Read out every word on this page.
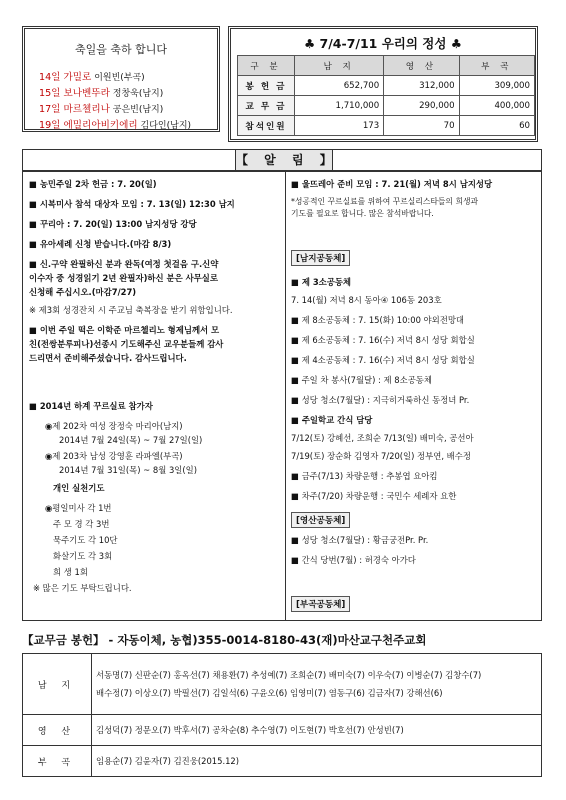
축일을 축하 합니다
14일 가밀로 이원빈(부곡)
15일 보나벤뚜라 정창욱(남지)
17일 마르첼리나 공은빈(남지)
19일 에밀리아비키에리 김다인(남지)
♣ 7/4-7/11 우리의 정성 ♣
구 분	남 지	영 산	부 곡
봉 헌 금	652,700	312,000	309,000
교 무 금	1,710,000	290,000	400,000
참석인원	173	70	60
【 알 림 】
■ 농민주일 2차 헌금 : 7. 20(일)
■ 시복미사 참석 대상자 모임 : 7. 13(일) 12:30 남지
■ 꾸리아 : 7. 20(일) 13:00 남지성당 강당
■ 유아세례 신청 받습니다.(마감 8/3)
■ 신.구약 완필하신 분과 완독(여정 첫걸음 구.신약
이수자 중 성경읽기 2년 완필자)하신 분은 사무실로
신청해 주십시오.(마감7/27)
※ 제3회 성경잔치 시 주교님 축복장을 받기 위함입니다.
■ 이번 주일 떡은 이학준 마르첼리노 형제님께서 모
친(전쌍분루피나)선종시 기도해주신 교우분들께 감사
드리면서 준비해주셨습니다. 감사드립니다.
■ 2014년 하계 꾸르실료 참가자
◉제 202차 여성 장정숙 마리아(남지)
2014년 7월 24일(목) ~ 7월 27일(일)
◉제 203차 남성 강영훈 라파엘(부곡)
2014년 7월 31일(목) ~ 8월 3일(일)
개인 실천기도
◉평일미사 각 1번
주 모 경 각 3번
묵주기도 각 10단
화살기도 각 3회
희 생 1회
※ 많은 기도 부탁드립니다.
■ 울뜨레아 준비 모임 : 7. 21(월) 저녁 8시 남지성당
*성공적인 꾸르실료를 위하여 꾸르실리스타들의 희생과
기도를 필요로 합니다. 많은 참석바랍니다.
[남지공동체]
■ 제 3소공동체
7. 14(월) 저녁 8시 동아④ 106동 203호
■ 제 8소공동체 : 7. 15(화) 10:00 야외전망대
■ 제 6소공동체 : 7. 16(수) 저녁 8시 성당 회합실
■ 제 4소공동체 : 7. 16(수) 저녁 8시 성당 회합실
■ 주일 차 봉사(7월달) : 제 8소공동체
■ 성당 청소(7월달) : 지극히거룩하신 동정녀 Pr.
■ 주일학교 간식 담당
7/12(토) 강혜선, 조희순 7/13(일) 배미숙, 공선아
7/19(토) 장순화 김영자 7/20(일) 정부연, 배수정
■ 금주(7/13) 차량운행 : 추봉엽 요아킴
■ 차주(7/20) 차량운행 : 국민수 세례자 요한
[영산공동체]
■ 성당 청소(7월달) : 황금궁전Pr. Pr.
■ 간식 당번(7월) : 허경숙 아가다
[부곡공동체]
【교무금 봉헌】 - 자동이체, 농협)355-0014-8180-43(재)마산교구천주교회
남 지	서동명(7) 신판순(7) 홍옥선(7) 채용환(7) 추성예(7) 조희순(7) 배미숙(7) 이우숙(7) 이병순(7) 김창수(7)
배수정(7) 이상오(7) 박필선(7) 김일석(6) 구윤오(6) 임영미(7) 염동구(6) 김금자(7) 강해선(6)

영 산	김성덕(7) 정문오(7) 박후서(7) 공차순(8) 추수영(7) 이도현(7) 박호선(7) 안성빈(7)
부 곡	임용순(7) 김윤자(7) 김진웅(2015.12)
